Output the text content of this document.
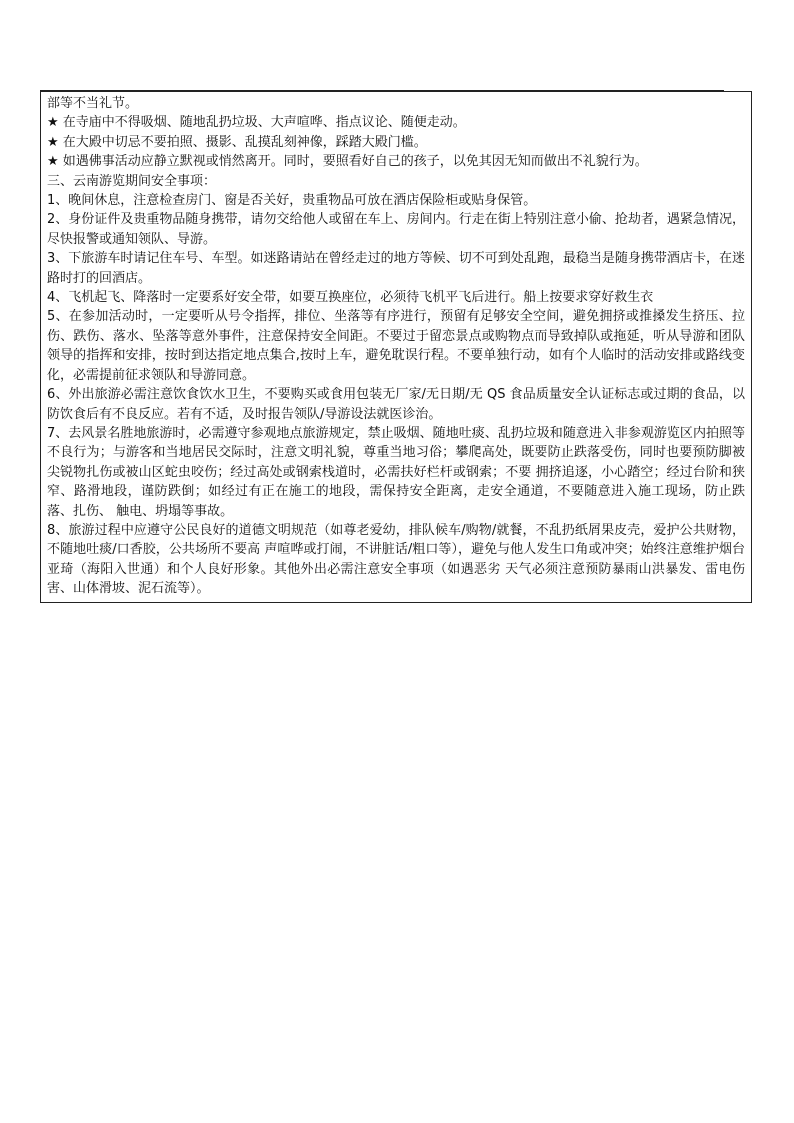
部等不当礼节。

★ 在寺庙中不得吸烟、随地乱扔垃圾、大声喧哗、指点议论、随便走动。

★ 在大殿中切忌不要拍照、摄影、乱摸乱刻神像，踩踏大殿门槛。

★ 如遇佛事活动应静立默视或悄然离开。同时，要照看好自己的孩子，以免其因无知而做出不礼貌行为。

三、云南游览期间安全事项：

1、晚间休息，注意检查房门、窗是否关好，贵重物品可放在酒店保险柜或贴身保管。

2、身份证件及贵重物品随身携带，请勿交给他人或留在车上、房间内。行走在街上特别注意小偷、抢劫者，遇紧急情况，尽快报警或通知领队、导游。

3、下旅游车时请记住车号、车型。如迷路请站在曾经走过的地方等候、切不可到处乱跑，最稳当是随身携带酒店卡，在迷路时打的回酒店。

4、飞机起飞、降落时一定要系好安全带，如要互换座位，必须待飞机平飞后进行。船上按要求穿好救生衣

5、在参加活动时，一定要听从号令指挥，排位、坐落等有序进行，预留有足够安全空间，避免拥挤或推搡发生挤压、拉伤、跌伤、落水、坠落等意外事件，注意保持安全间距。不要过于留恋景点或购物点而导致掉队或拖延，听从导游和团队领导的指挥和安排，按时到达指定地点集合,按时上车，避免耽误行程。不要单独行动，如有个人临时的活动安排或路线变化，必需提前征求领队和导游同意。

6、外出旅游必需注意饮食饮水卫生，不要购买或食用包装无厂家/无日期/无 QS 食品质量安全认证标志或过期的食品，以防饮食后有不良反应。若有不适，及时报告领队/导游设法就医诊治。

7、去风景名胜地旅游时，必需遵守参观地点旅游规定，禁止吸烟、随地吐痰、乱扔垃圾和随意进入非参观游览区内拍照等不良行为；与游客和当地居民交际时，注意文明礼貌，尊重当地习俗；攀爬高处，既要防止跌落受伤，同时也要预防脚被尖锐物扎伤或被山区蛇虫咬伤；经过高处或钢索栈道时，必需扶好栏杆或钢索；不要 拥挤追逐，小心踏空；经过台阶和狭窄、路滑地段，谨防跌倒；如经过有正在施工的地段，需保持安全距离，走安全通道，不要随意进入施工现场，防止跌落、扎伤、 触电、坍塌等事故。

8、旅游过程中应遵守公民良好的道德文明规范（如尊老爱幼，排队候车/购物/就餐，不乱扔纸屑果皮壳，爱护公共财物，不随地吐痰/口香胶，公共场所不要高 声喧哗或打闹，不讲脏话/粗口等），避免与他人发生口角或冲突；始终注意维护烟台亚琦（海阳入世通）和个人良好形象。其他外出必需注意安全事项（如遇恶劣 天气必须注意预防暴雨山洪暴发、雷电伤害、山体滑坡、泥石流等）。
